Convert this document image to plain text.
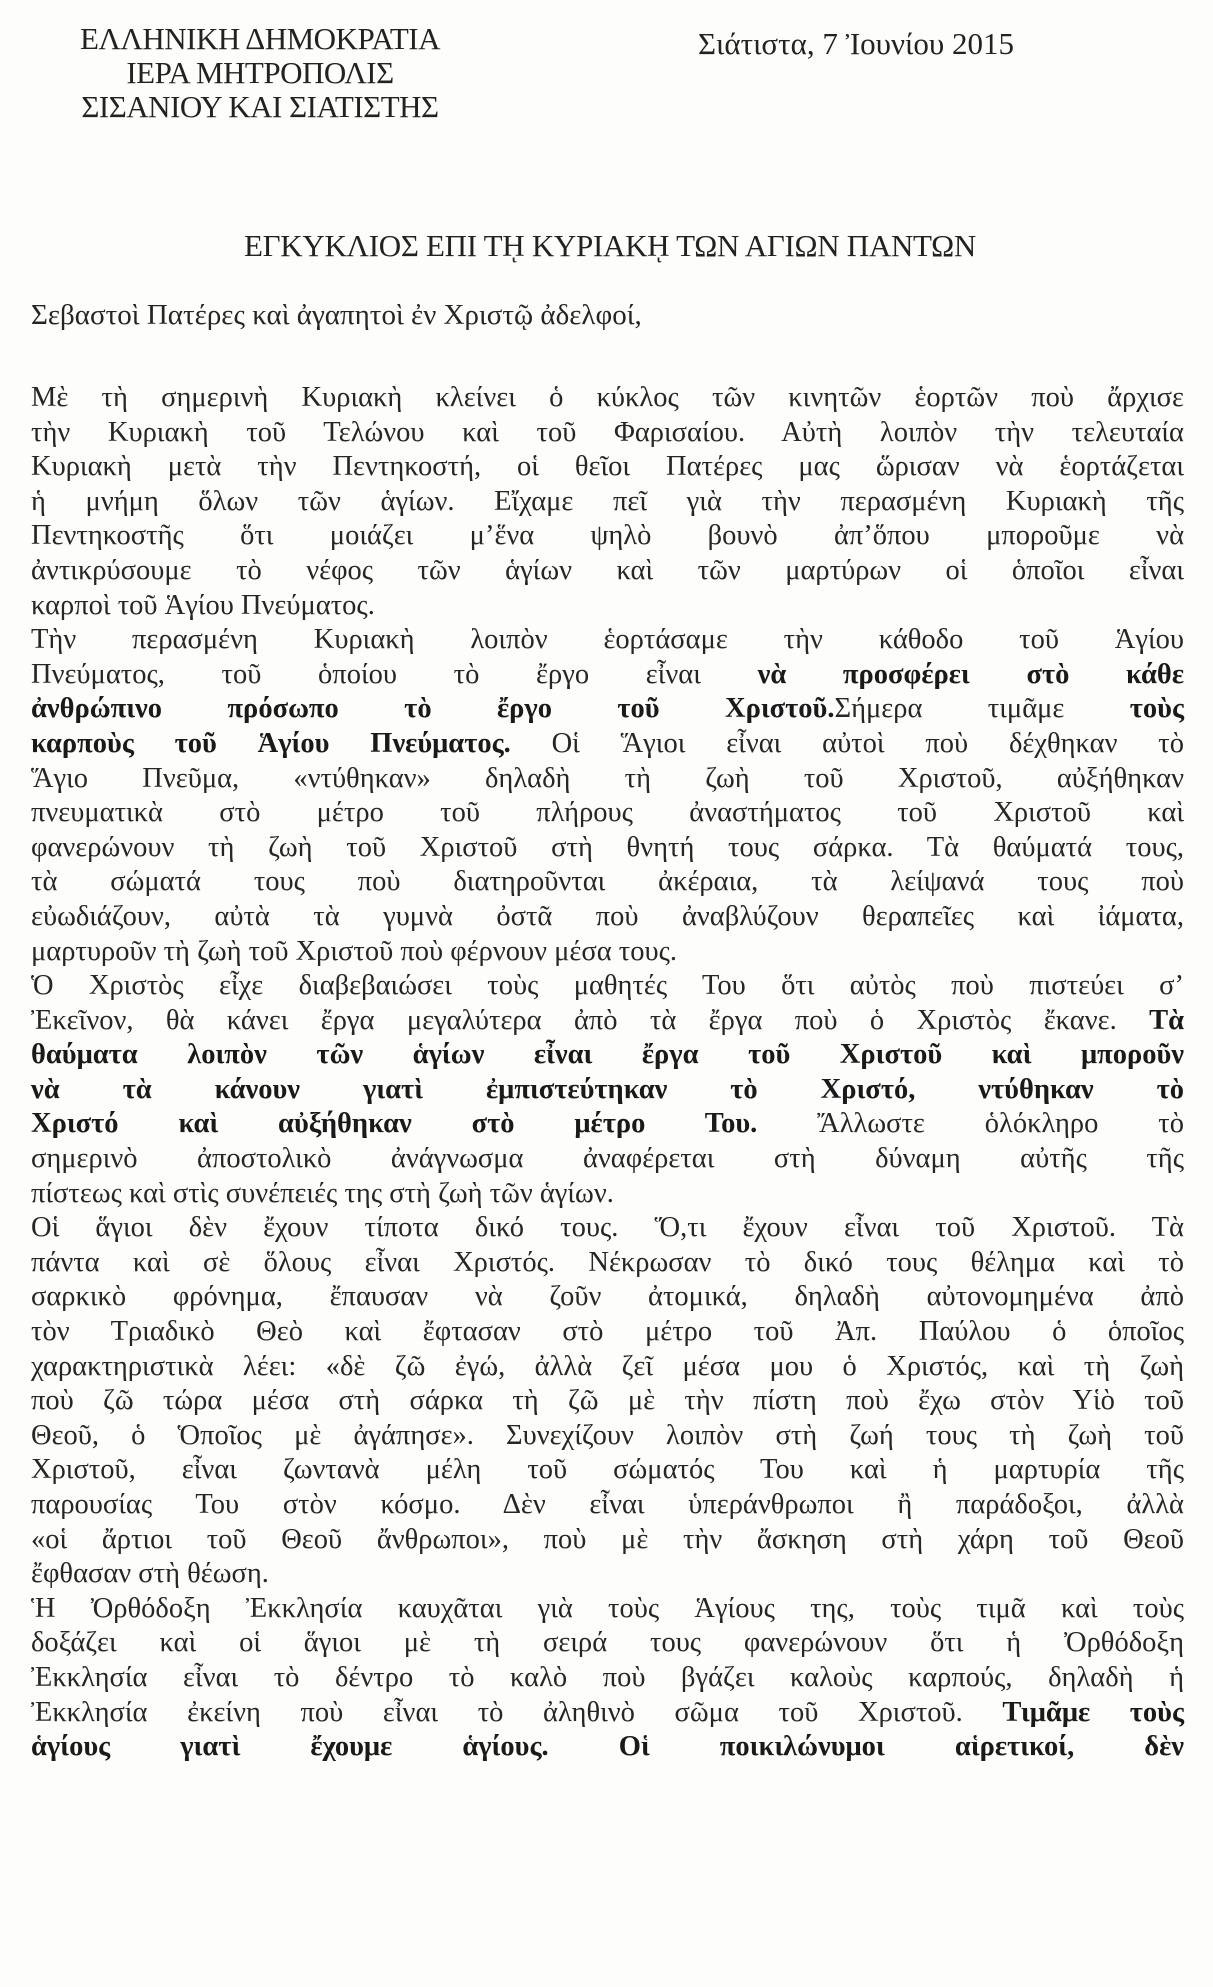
ΕΛΛΗΝΙΚΗ ΔΗΜΟΚΡΑΤΙΑ
ΙΕΡΑ ΜΗΤΡΟΠΟΛΙΣ
ΣΙΣΑΝΙΟΥ ΚΑΙ ΣΙΑΤΙΣΤΗΣ
Σιάτιστα, 7 Ἰουνίου 2015
ΕΓΚΥΚΛΙΟΣ ΕΠΙ Τῌ ΚΥΡΙΑΚῌ ΤΩΝ ΑΓΙΩΝ ΠΑΝΤΩΝ
Σεβαστοὶ Πατέρες καὶ ἀγαπητοὶ ἐν Χριστῷ ἀδελφοί,
Μὲ τὴ σημερινὴ Κυριακὴ κλείνει ὁ κύκλος τῶν κινητῶν ἑορτῶν ποὺ ἄρχισε
τὴν Κυριακὴ τοῦ Τελώνου καὶ τοῦ Φαρισαίου. Αὐτὴ λοιπὸν τὴν τελευταία
Κυριακὴ μετὰ τὴν Πεντηκοστή, οἱ θεῖοι Πατέρες μας ὥρισαν νὰ ἑορτάζεται
ἡ μνήμη ὅλων τῶν ἁγίων. Εἴχαμε πεῖ γιὰ τὴν περασμένη Κυριακὴ τῆς
Πεντηκοστῆς ὅτι μοιάζει μ’ἕνα ψηλὸ βουνὸ ἀπ’ὅπου μποροῦμε νὰ
ἀντικρύσουμε τὸ νέφος τῶν ἁγίων καὶ τῶν μαρτύρων οἱ ὁποῖοι εἶναι
καρποὶ τοῦ Ἁγίου Πνεύματος.
Τὴν περασμένη Κυριακὴ λοιπὸν ἑορτάσαμε τὴν κάθοδο τοῦ Ἁγίου
Πνεύματος, τοῦ ὁποίου τὸ ἔργο εἶναι νὰ προσφέρει στὸ κάθε
ἀνθρώπινο πρόσωπο τὸ ἔργο τοῦ Χριστοῦ.Σήμερα τιμᾶμε τοὺς
καρποὺς τοῦ Ἁγίου Πνεύματος. Οἱ Ἅγιοι εἶναι αὐτοὶ ποὺ δέχθηκαν τὸ
Ἅγιο Πνεῦμα, «ντύθηκαν» δηλαδὴ τὴ ζωὴ τοῦ Χριστοῦ, αὐξήθηκαν
πνευματικὰ στὸ μέτρο τοῦ πλήρους ἀναστήματος τοῦ Χριστοῦ καὶ
φανερώνουν τὴ ζωὴ τοῦ Χριστοῦ στὴ θνητή τους σάρκα. Τὰ θαύματά τους,
τὰ σώματά τους ποὺ διατηροῦνται ἀκέραια, τὰ λείψανά τους ποὺ
εὐωδιάζουν, αὐτὰ τὰ γυμνὰ ὀστᾶ ποὺ ἀναβλύζουν θεραπεῖες καὶ ἰάματα,
μαρτυροῦν τὴ ζωὴ τοῦ Χριστοῦ ποὺ φέρνουν μέσα τους.
Ὁ Χριστὸς εἶχε διαβεβαιώσει τοὺς μαθητές Του ὅτι αὐτὸς ποὺ πιστεύει σ’
Ἐκεῖνον, θὰ κάνει ἔργα μεγαλύτερα ἀπὸ τὰ ἔργα ποὺ ὁ Χριστὸς ἔκανε. Τὰ
θαύματα λοιπὸν τῶν ἁγίων εἶναι ἔργα τοῦ Χριστοῦ καὶ μποροῦν
νὰ τὰ κάνουν γιατὶ ἐμπιστεύτηκαν τὸ Χριστό, ντύθηκαν τὸ
Χριστό καὶ αὐξήθηκαν στὸ μέτρο Του. Ἄλλωστε ὁλόκληρο τὸ
σημερινὸ ἀποστολικὸ ἀνάγνωσμα ἀναφέρεται στὴ δύναμη αὐτῆς τῆς
πίστεως καὶ στὶς συνέπειές της στὴ ζωὴ τῶν ἁγίων.
Οἱ ἅγιοι δὲν ἔχουν τίποτα δικό τους. Ὅ,τι ἔχουν εἶναι τοῦ Χριστοῦ. Τὰ
πάντα καὶ σὲ ὅλους εἶναι Χριστός. Νέκρωσαν τὸ δικό τους θέλημα καὶ τὸ
σαρκικὸ φρόνημα, ἔπαυσαν νὰ ζοῦν ἀτομικά, δηλαδὴ αὐτονομημένα ἀπὸ
τὸν Τριαδικὸ Θεὸ καὶ ἔφτασαν στὸ μέτρο τοῦ Ἀπ. Παύλου ὁ ὁποῖος
χαρακτηριστικὰ λέει: «δὲ ζῶ ἐγώ, ἀλλὰ ζεῖ μέσα μου ὁ Χριστός, καὶ τὴ ζωὴ
ποὺ ζῶ τώρα μέσα στὴ σάρκα τὴ ζῶ μὲ τὴν πίστη ποὺ ἔχω στὸν Υἱὸ τοῦ
Θεοῦ, ὁ Ὁποῖος μὲ ἀγάπησε». Συνεχίζουν λοιπὸν στὴ ζωή τους τὴ ζωὴ τοῦ
Χριστοῦ, εἶναι ζωντανὰ μέλη τοῦ σώματός Του καὶ ἡ μαρτυρία τῆς
παρουσίας Του στὸν κόσμο. Δὲν εἶναι ὑπεράνθρωποι ἢ παράδοξοι, ἀλλὰ
«οἱ ἄρτιοι τοῦ Θεοῦ ἄνθρωποι», ποὺ μὲ τὴν ἄσκηση στὴ χάρη τοῦ Θεοῦ
ἔφθασαν στὴ θέωση.
Ἡ Ὀρθόδοξη Ἐκκλησία καυχᾶται γιὰ τοὺς Ἁγίους της, τοὺς τιμᾶ καὶ τοὺς
δοξάζει καὶ οἱ ἅγιοι μὲ τὴ σειρά τους φανερώνουν ὅτι ἡ Ὀρθόδοξη
Ἐκκλησία εἶναι τὸ δέντρο τὸ καλὸ ποὺ βγάζει καλοὺς καρπούς, δηλαδὴ ἡ
Ἐκκλησία ἐκείνη ποὺ εἶναι τὸ ἀληθινὸ σῶμα τοῦ Χριστοῦ. Τιμᾶμε τοὺς
ἁγίους γιατὶ ἔχουμε ἁγίους. Οἱ ποικιλώνυμοι αἱρετικοί, δὲν
